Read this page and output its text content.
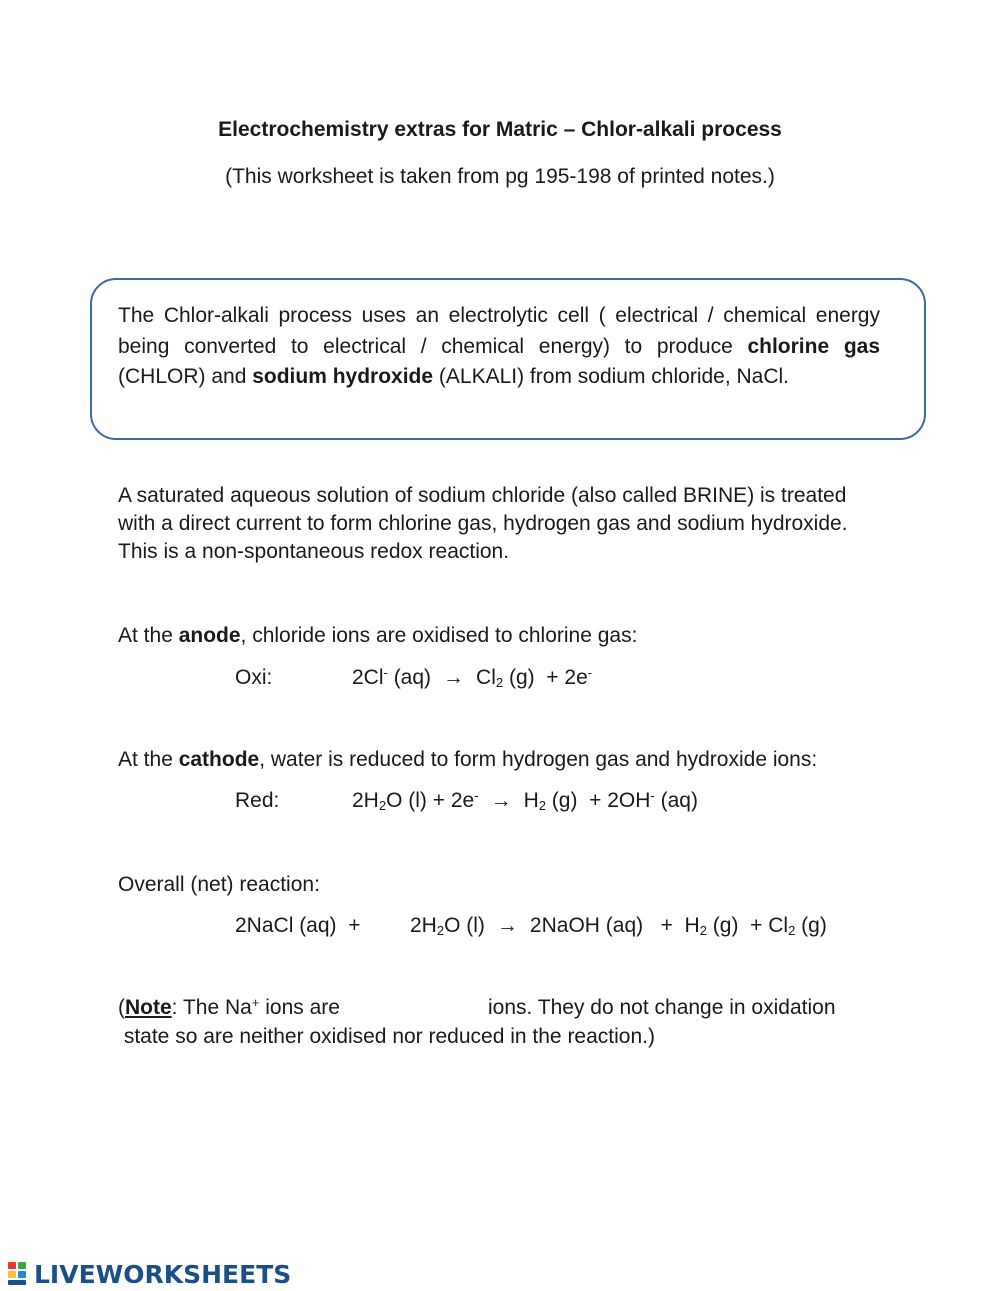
Electrochemistry extras for Matric – Chlor-alkali process
(This worksheet is taken from pg 195-198 of printed notes.)
The Chlor-alkali process uses an electrolytic cell ( electrical / chemical energy being converted to electrical / chemical energy) to produce chlorine gas (CHLOR) and sodium hydroxide (ALKALI) from sodium chloride, NaCl.
A saturated aqueous solution of sodium chloride (also called BRINE) is treated with a direct current to form chlorine gas, hydrogen gas and sodium hydroxide. This is a non-spontaneous redox reaction.
At the anode, chloride ions are oxidised to chlorine gas:
Oxi:	2Cl- $(aq) \to Cl_2$ (g)  + 2e-
At the cathode, water is reduced to form hydrogen gas and hydroxide ions:
Red:	$2H_2O$ $(l) + 2e^- \to H_2$ (g)  + 2OH- (aq)
Overall (net) reaction:
2NaCl $(aq) + 2H_2O$ (l) → 2NaOH $(aq) + H_2$ $(g) + Cl_2$ (g)
(Note: The Na+ ions are	ions. They do not change in oxidation
state so are neither oxidised nor reduced in the reaction.)
LIVEWORKSHEETS
